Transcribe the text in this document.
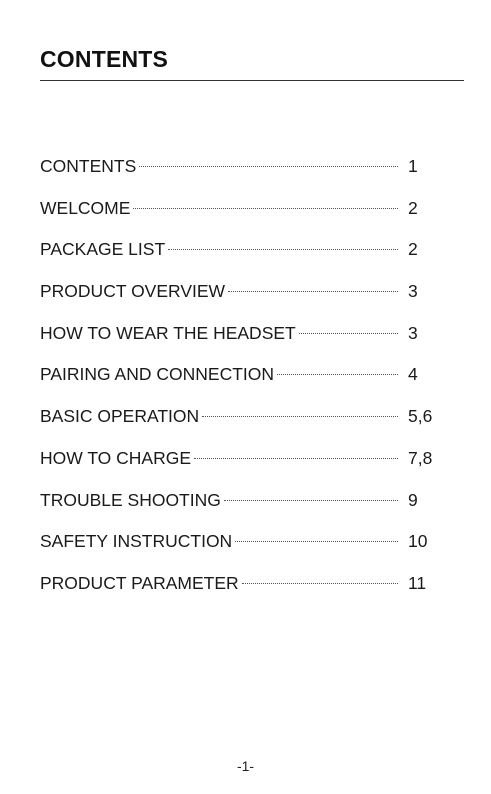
CONTENTS
CONTENTS	1
WELCOME	2
PACKAGE LIST	2
PRODUCT OVERVIEW	3
HOW TO WEAR THE HEADSET	3
PAIRING AND CONNECTION	4
BASIC OPERATION	5,6
HOW TO CHARGE	7,8
TROUBLE SHOOTING	9
SAFETY INSTRUCTION	10
PRODUCT PARAMETER	11
-1-
